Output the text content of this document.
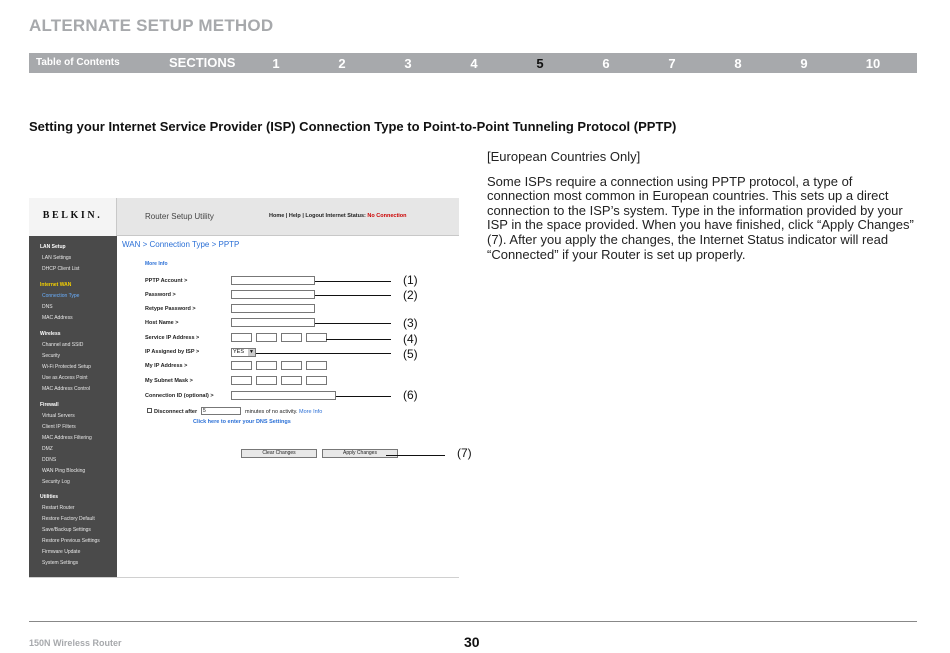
ALTERNATE SETUP METHOD
Table of Contents	SECTIONS	1	2	3	4	5	6	7	8	9	10
Setting your Internet Service Provider (ISP) Connection Type to Point-to-Point Tunneling Protocol (PPTP)

[European Countries Only]

Some ISPs require a connection using PPTP protocol, a type of connection most common in European countries. This sets up a direct connection to the ISP’s system. Type in the information provided by your ISP in the space provided. When you have finished, click “Apply Changes” (7). After you apply the changes, the Internet Status indicator will read “Connected” if your Router is set up properly.

BELKIN.	Router Setup Utility	Home | Help | Logout Internet Status: No Connection
LAN Setup
LAN Settings
DHCP Client List
Internet WAN
Connection Type
DNS
MAC Address
Wireless
Channel and SSID
Security
Wi-Fi Protected Setup
Use as Access Point
MAC Address Control
Firewall
Virtual Servers
Client IP Filters
MAC Address Filtering
DMZ
DDNS
WAN Ping Blocking
Security Log
Utilities
Restart Router
Restore Factory Default
Save/Backup Settings
Restore Previous Settings
Firmware Update
System Settings
WAN > Connection Type > PPTP
More Info
PPTP Account >
Password >
Retype Password >
Host Name >
Service IP Address >
IP Assigned by ISP >	YES ▼
My IP Address >
My Subnet Mask >
Connection ID (optional) >
Disconnect after	5	minutes of no activity. More Info
Click here to enter your DNS Settings
Clear Changes	Apply Changes
(1)
(2)
(3)
(4)
(5)
(6)
(7)
150N Wireless Router	30
